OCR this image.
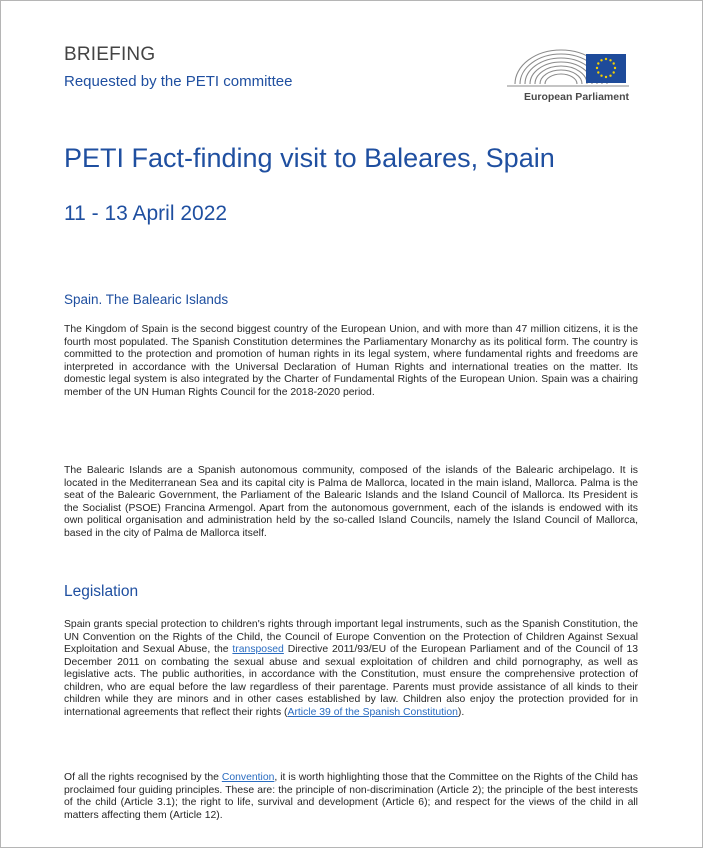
BRIEFING
Requested by the PETI committee
European Parliament
PETI Fact-finding visit to Baleares, Spain
11 - 13 April 2022
Spain. The Balearic Islands

The Kingdom of Spain is the second biggest country of the European Union, and with more than 47 million citizens, it is the fourth most populated. The Spanish Constitution determines the Parliamentary Monarchy as its political form. The country is committed to the protection and promotion of human rights in its legal system, where fundamental rights and freedoms are interpreted in accordance with the Universal Declaration of Human Rights and international treaties on the matter. Its domestic legal system is also integrated by the Charter of Fundamental Rights of the European Union. Spain was a chairing member of the UN Human Rights Council for the 2018-2020 period.

The Balearic Islands are a Spanish autonomous community, composed of the islands of the Balearic archipelago. It is located in the Mediterranean Sea and its capital city is Palma de Mallorca, located in the main island, Mallorca. Palma is the seat of the Balearic Government, the Parliament of the Balearic Islands and the Island Council of Mallorca. Its President is the Socialist (PSOE) Francina Armengol. Apart from the autonomous government, each of the islands is endowed with its own political organisation and administration held by the so-called Island Councils, namely the Island Council of Mallorca, based in the city of Palma de Mallorca itself.

Legislation

Spain grants special protection to children's rights through important legal instruments, such as the Spanish Constitution, the UN Convention on the Rights of the Child, the Council of Europe Convention on the Protection of Children Against Sexual Exploitation and Sexual Abuse, the transposed Directive 2011/93/EU of the European Parliament and of the Council of 13 December 2011 on combating the sexual abuse and sexual exploitation of children and child pornography, as well as legislative acts. The public authorities, in accordance with the Constitution, must ensure the comprehensive protection of children, who are equal before the law regardless of their parentage. Parents must provide assistance of all kinds to their children while they are minors and in other cases established by law. Children also enjoy the protection provided for in international agreements that reflect their rights (Article 39 of the Spanish Constitution).

Of all the rights recognised by the Convention, it is worth highlighting those that the Committee on the Rights of the Child has proclaimed four guiding principles. These are: the principle of non-discrimination (Article 2); the principle of the best interests of the child (Article 3.1); the right to life, survival and development (Article 6); and respect for the views of the child in all matters affecting them (Article 12).
